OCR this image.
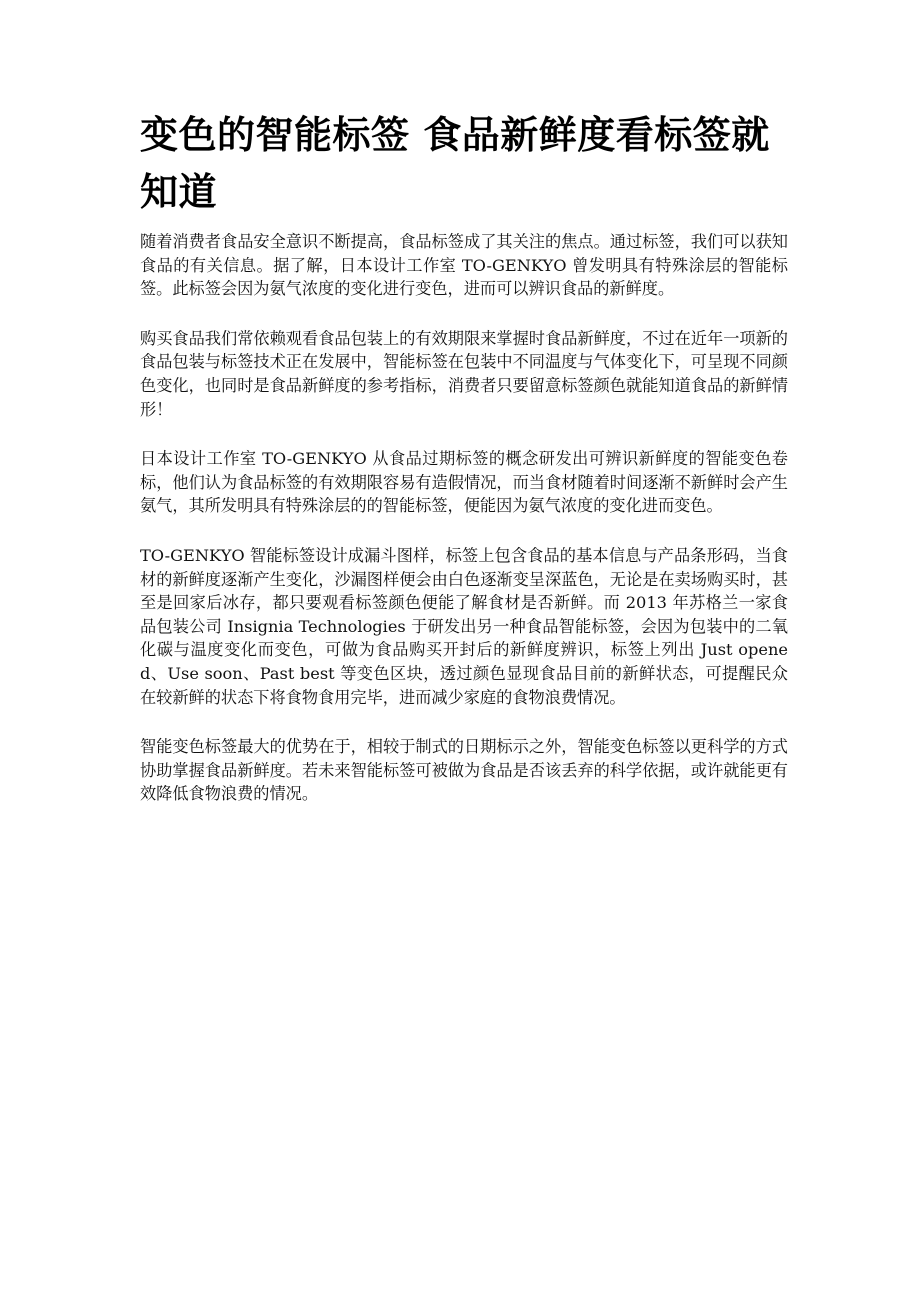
变色的智能标签 食品新鲜度看标签就知道

随着消费者食品安全意识不断提高，食品标签成了其关注的焦点。通过标签，我们可以获知食品的有关信息。据了解，日本设计工作室 TO-GENKYO 曾发明具有特殊涂层的智能标签。此标签会因为氨气浓度的变化进行变色，进而可以辨识食品的新鲜度。

购买食品我们常依赖观看食品包装上的有效期限来掌握时食品新鲜度，不过在近年一项新的食品包装与标签技术正在发展中，智能标签在包装中不同温度与气体变化下，可呈现不同颜色变化，也同时是食品新鲜度的参考指标，消费者只要留意标签颜色就能知道食品的新鲜情形！

日本设计工作室 TO-GENKYO 从食品过期标签的概念研发出可辨识新鲜度的智能变色卷标，他们认为食品标签的有效期限容易有造假情况，而当食材随着时间逐渐不新鲜时会产生氨气，其所发明具有特殊涂层的的智能标签，便能因为氨气浓度的变化进而变色。

TO-GENKYO 智能标签设计成漏斗图样，标签上包含食品的基本信息与产品条形码，当食材的新鲜度逐渐产生变化，沙漏图样便会由白色逐渐变呈深蓝色，无论是在卖场购买时，甚至是回家后冰存，都只要观看标签颜色便能了解食材是否新鲜。而 2013 年苏格兰一家食品包装公司 Insignia Technologies 于研发出另一种食品智能标签，会因为包装中的二氧化碳与温度变化而变色，可做为食品购买开封后的新鲜度辨识，标签上列出 Just opened、Use soon、Past best 等变色区块，透过颜色显现食品目前的新鲜状态，可提醒民众在较新鲜的状态下将食物食用完毕，进而减少家庭的食物浪费情况。

智能变色标签最大的优势在于，相较于制式的日期标示之外，智能变色标签以更科学的方式协助掌握食品新鲜度。若未来智能标签可被做为食品是否该丢弃的科学依据，或许就能更有效降低食物浪费的情况。
